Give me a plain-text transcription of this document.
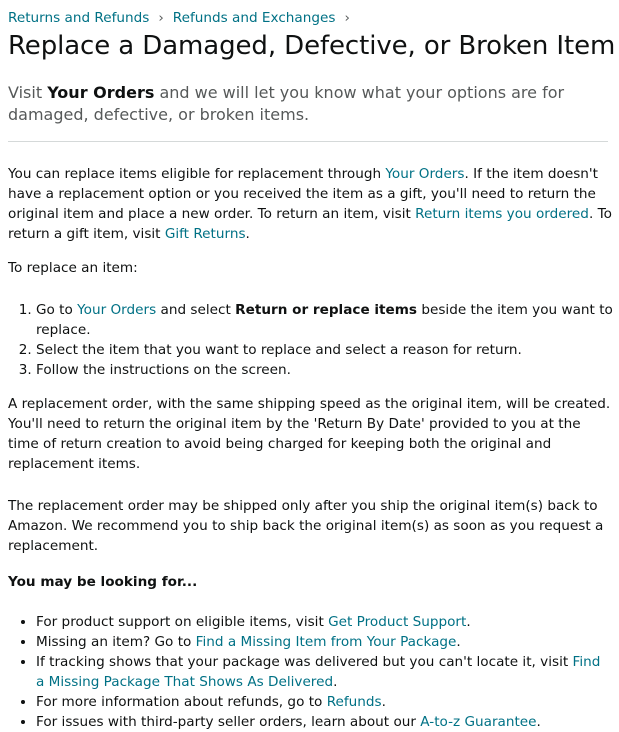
Returns and Refunds › Refunds and Exchanges ›
Replace a Damaged, Defective, or Broken Item

Visit Your Orders and we will let you know what your options are for damaged, defective, or broken items.

You can replace items eligible for replacement through Your Orders. If the item doesn't have a replacement option or you received the item as a gift, you'll need to return the original item and place a new order. To return an item, visit Return items you ordered. To return a gift item, visit Gift Returns.

To replace an item:

1. Go to Your Orders and select Return or replace items beside the item you want to replace.
2. Select the item that you want to replace and select a reason for return.
3. Follow the instructions on the screen.

A replacement order, with the same shipping speed as the original item, will be created. You'll need to return the original item by the 'Return By Date' provided to you at the time of return creation to avoid being charged for keeping both the original and replacement items.

The replacement order may be shipped only after you ship the original item(s) back to Amazon. We recommend you to ship back the original item(s) as soon as you request a replacement.

You may be looking for...

• For product support on eligible items, visit Get Product Support.
• Missing an item? Go to Find a Missing Item from Your Package.
• If tracking shows that your package was delivered but you can't locate it, visit Find a Missing Package That Shows As Delivered.
• For more information about refunds, go to Refunds.
• For issues with third-party seller orders, learn about our A-to-z Guarantee.
